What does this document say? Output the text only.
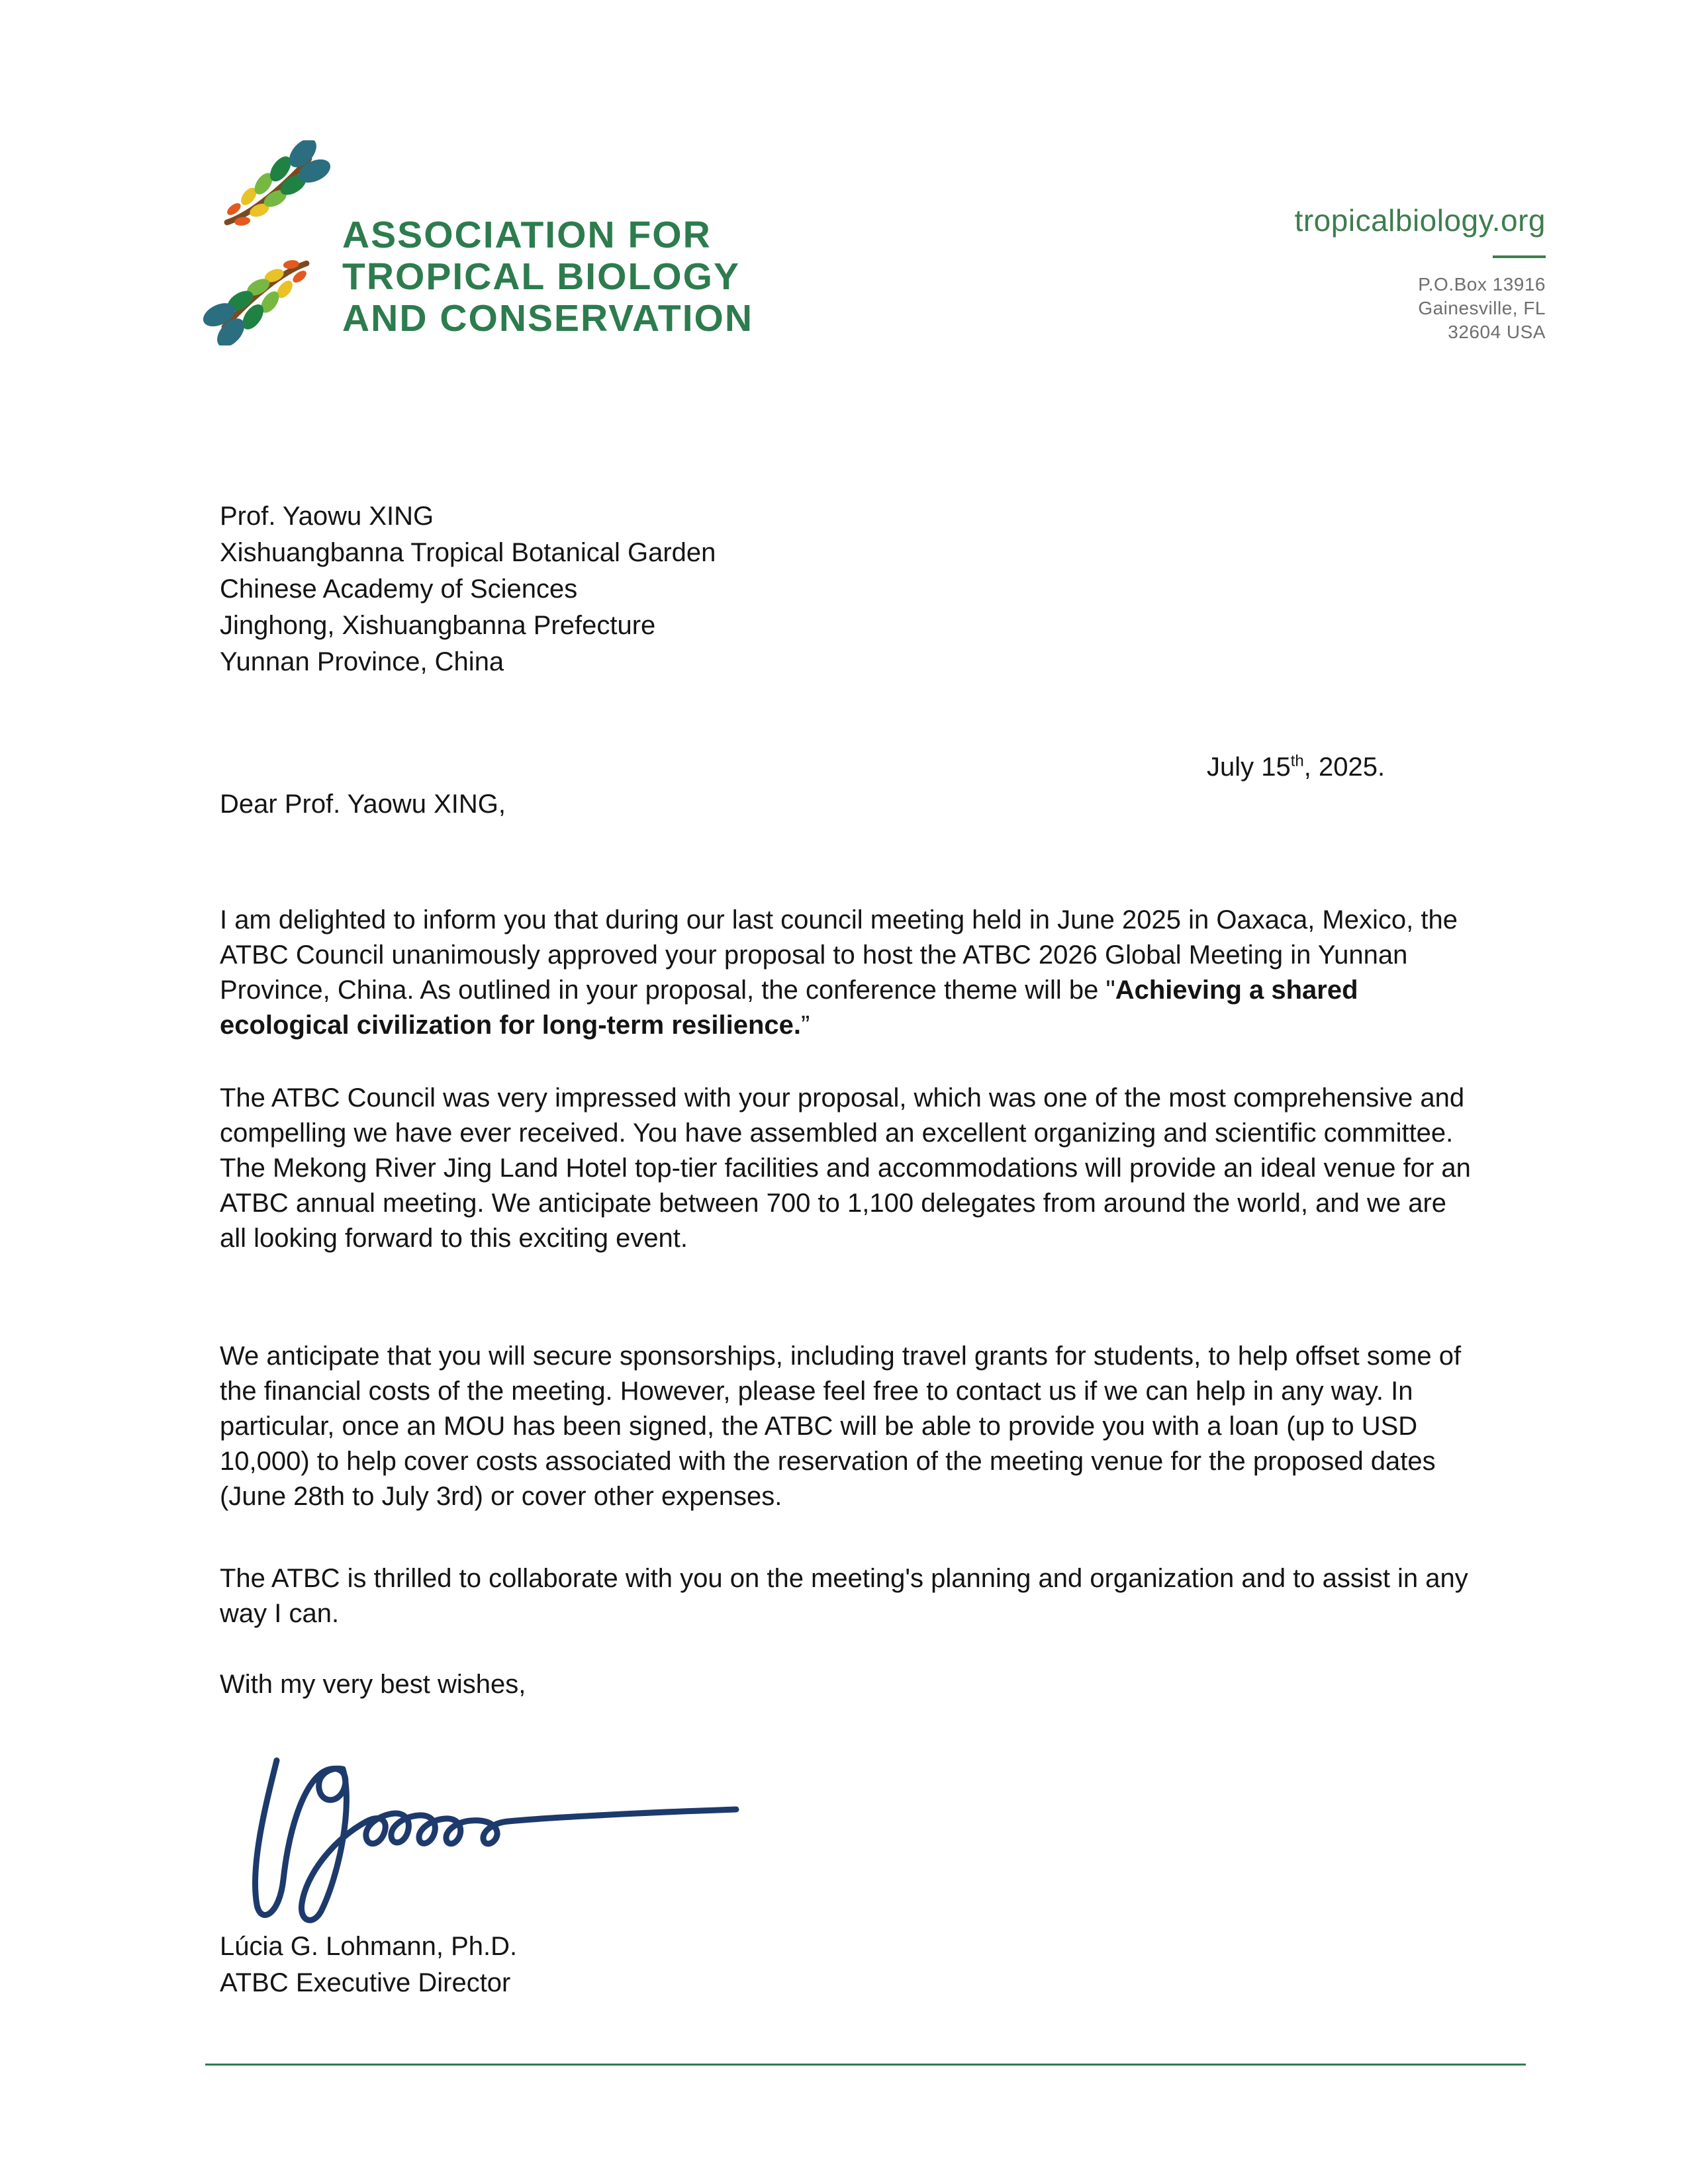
ASSOCIATION FOR
TROPICAL BIOLOGY
AND CONSERVATION
tropicalbiology.org
P.O.Box 13916
Gainesville, FL
32604 USA
Prof. Yaowu XING
Xishuangbanna Tropical Botanical Garden
Chinese Academy of Sciences
Jinghong, Xishuangbanna Prefecture
Yunnan Province, China
July 15th, 2025.
Dear Prof. Yaowu XING,
I am delighted to inform you that during our last council meeting held in June 2025 in Oaxaca, Mexico, the ATBC Council unanimously approved your proposal to host the ATBC 2026 Global Meeting in Yunnan Province, China. As outlined in your proposal, the conference theme will be "Achieving a shared ecological civilization for long-term resilience.”
The ATBC Council was very impressed with your proposal, which was one of the most comprehensive and compelling we have ever received. You have assembled an excellent organizing and scientific committee. The Mekong River Jing Land Hotel top-tier facilities and accommodations will provide an ideal venue for an ATBC annual meeting. We anticipate between 700 to 1,100 delegates from around the world, and we are all looking forward to this exciting event.
We anticipate that you will secure sponsorships, including travel grants for students, to help offset some of the financial costs of the meeting. However, please feel free to contact us if we can help in any way. In particular, once an MOU has been signed, the ATBC will be able to provide you with a loan (up to USD 10,000) to help cover costs associated with the reservation of the meeting venue for the proposed dates (June 28th to July 3rd) or cover other expenses.
The ATBC is thrilled to collaborate with you on the meeting's planning and organization and to assist in any way I can.
With my very best wishes,
Lúcia G. Lohmann, Ph.D.
ATBC Executive Director
